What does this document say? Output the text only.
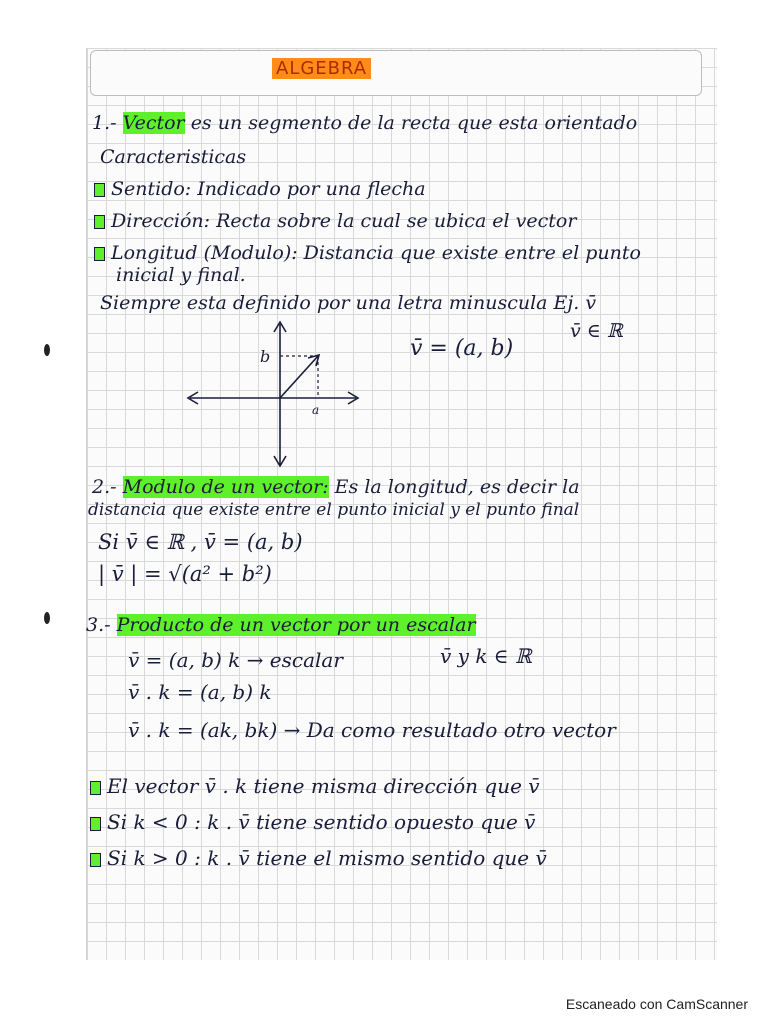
ALGEBRA
1.- Vector es un segmento de la recta que esta orientado
Caracteristicas
Sentido: Indicado por una flecha
Dirección: Recta sobre la cual se ubica el vector
Longitud (Modulo): Distancia que existe entre el punto
inicial y final.
Siempre esta definido por una letra minuscula Ej. v̄
v̄ ∈ ℝ
v̄ = (a, b)
b
a
2.- Modulo de un vector: Es la longitud, es decir la
distancia que existe entre el punto inicial y el punto final
Si v̄ ∈ ℝ , v̄ = (a, b)
| v̄ | = √(a² + b²)
3.- Producto de un vector por un escalar
v̄ = (a, b) k → escalar	v̄ y k ∈ ℝ
v̄ . k = (a, b) k
v̄ . k = (ak, bk) → Da como resultado otro vector
El vector v̄ . k tiene misma dirección que v̄
Si k < 0 : k . v̄ tiene sentido opuesto que v̄
Si k > 0 : k . v̄ tiene el mismo sentido que v̄
Escaneado con CamScanner
